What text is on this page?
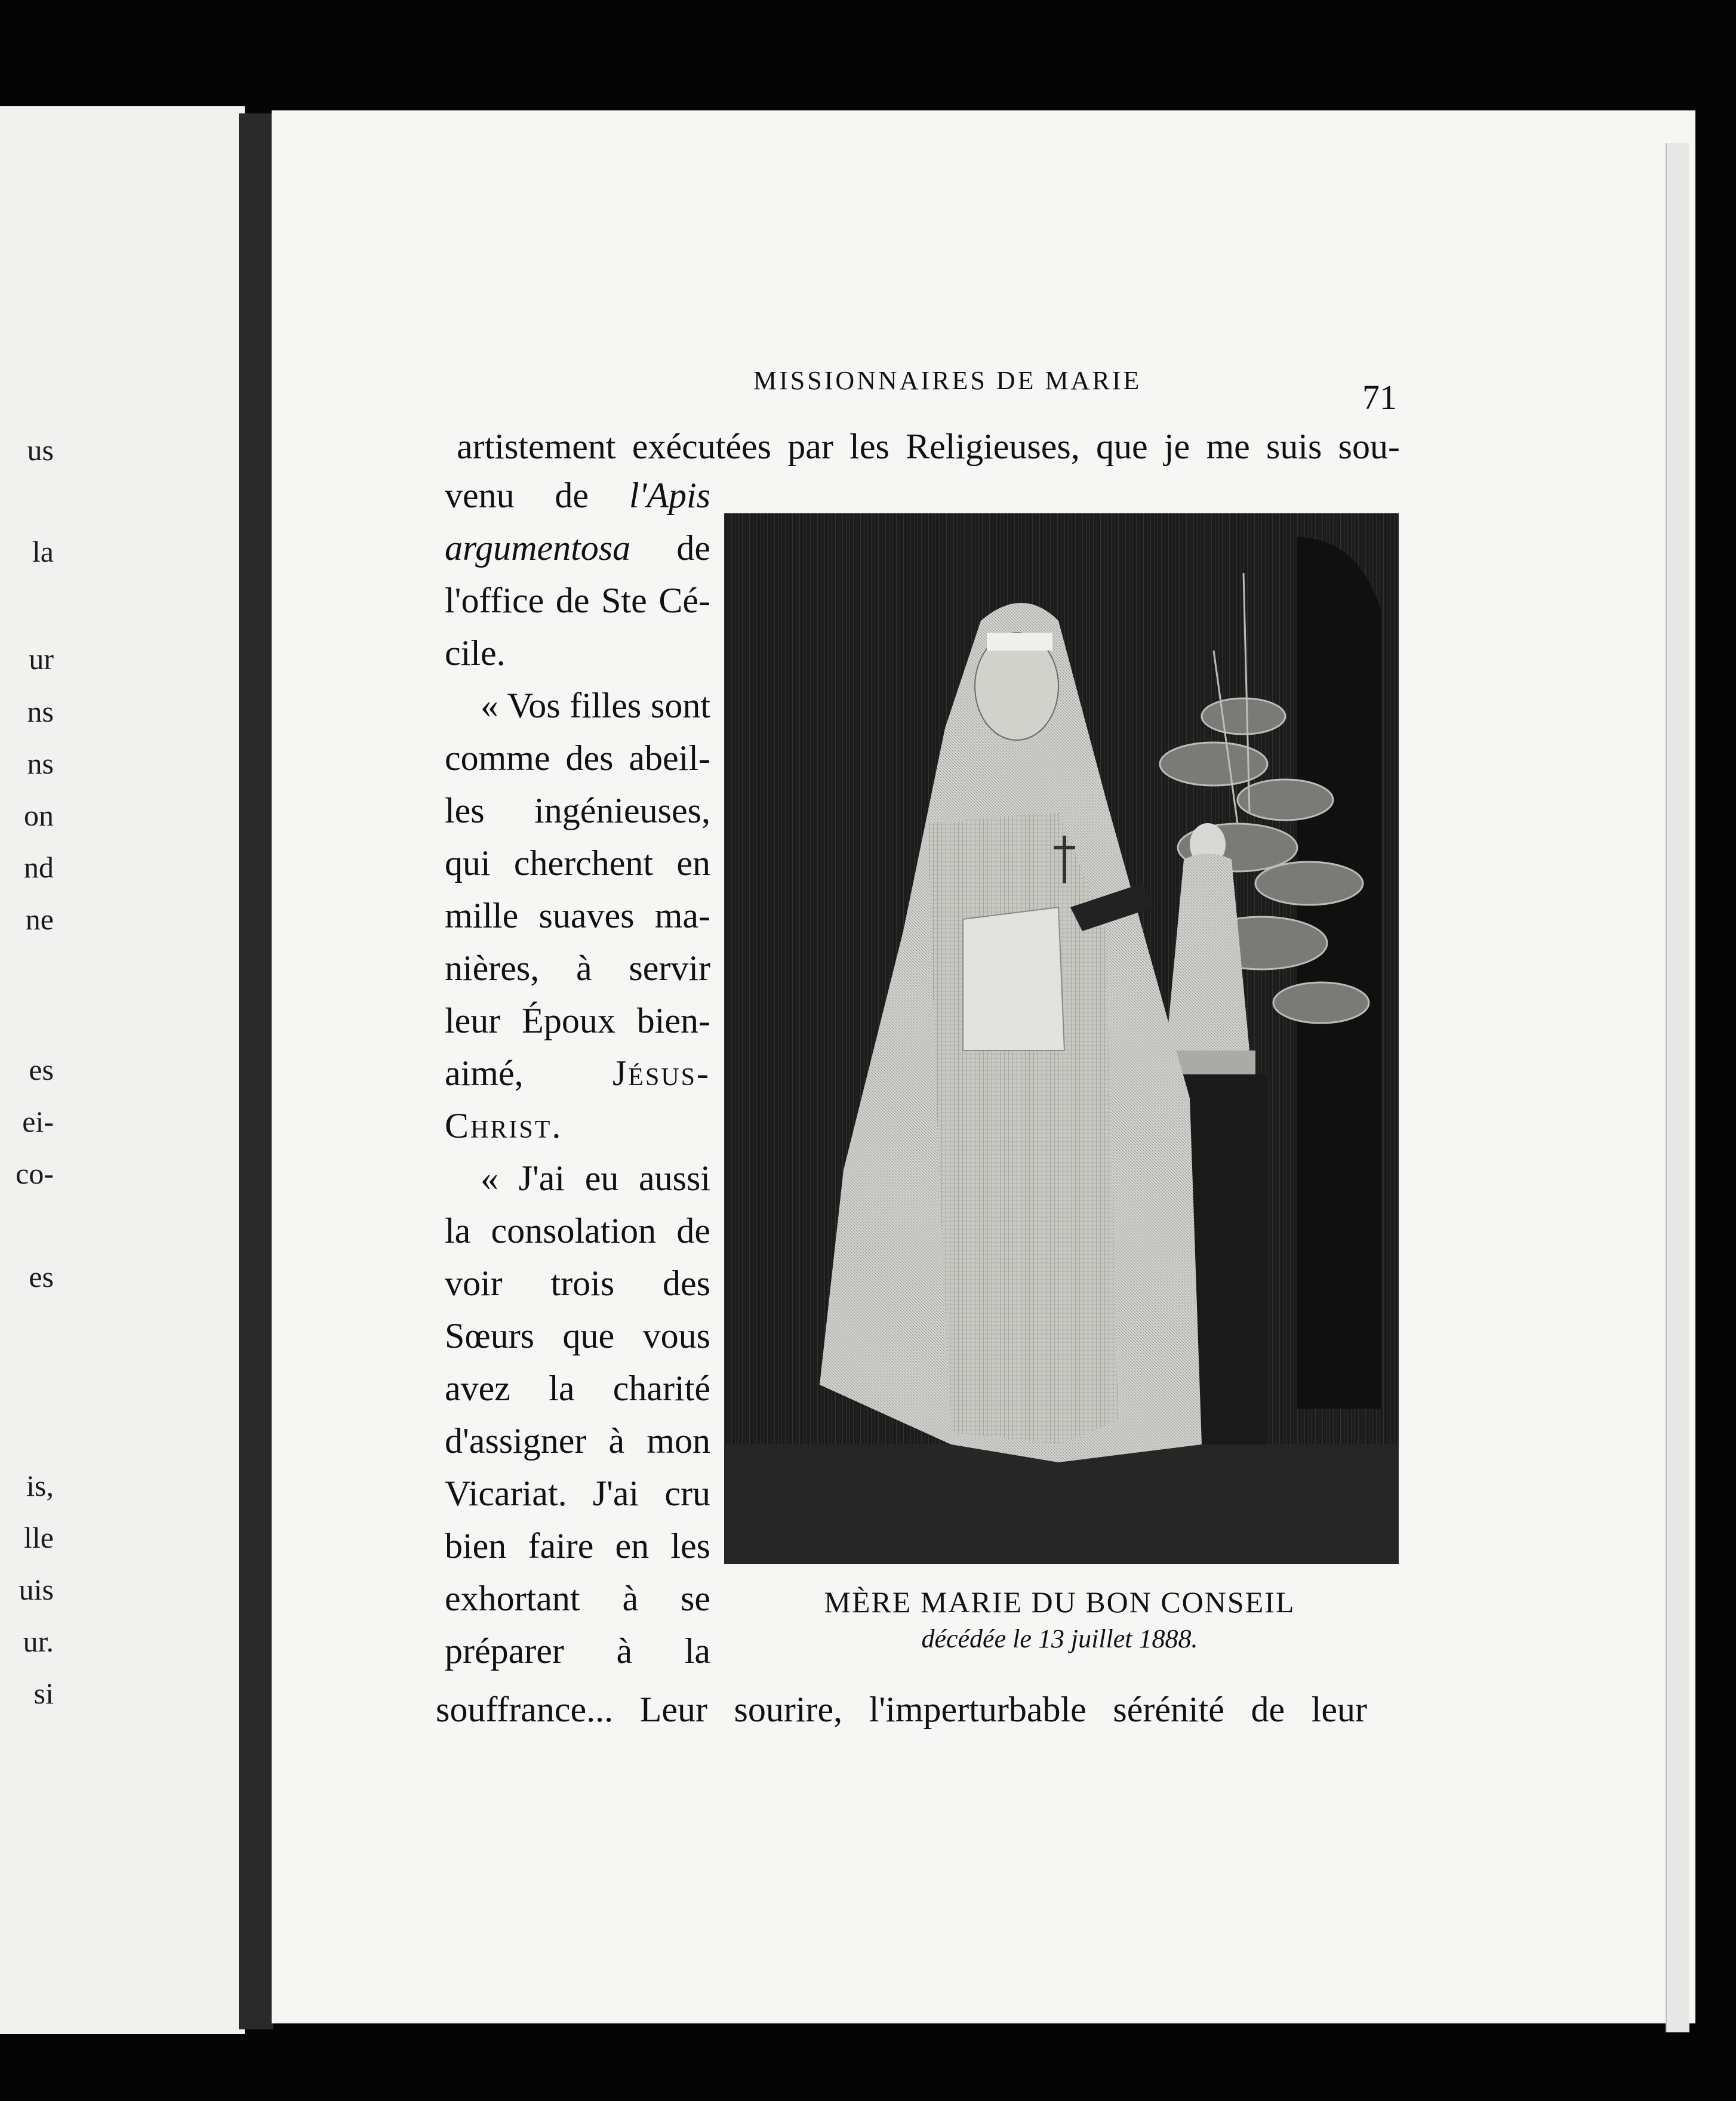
us
la
ur
ns
ns
on
nd
ne
es
ei-
co-
es
is,
lle
uis
ur.
si
MISSIONNAIRES DE MARIE	71
artistement exécutées par les Religieuses, que je me suis sou-
venu de l'Apis
argumentosa de
l'office de Ste Cé-
cile.
« Vos filles sont
comme des abeil-
les ingénieuses,
qui cherchent en
mille suaves ma-
nières, à servir
leur Époux bien-
aimé, Jésus-
Christ.
« J'ai eu aussi
la consolation de
voir trois des
Sœurs que vous
avez la charité
d'assigner à mon
Vicariat. J'ai cru
bien faire en les
exhortant à se
préparer à la
souffrance... Leur sourire, l'imperturbable sérénité de leur
MÈRE MARIE DU BON CONSEIL
décédée le 13 juillet 1888.
